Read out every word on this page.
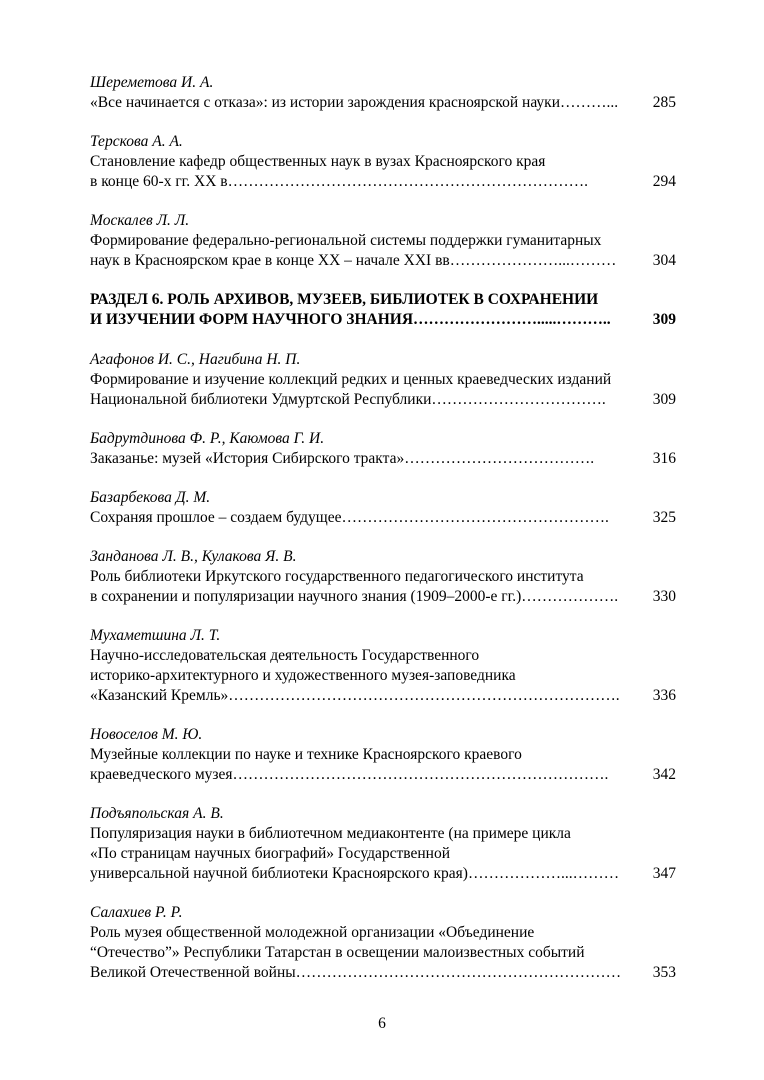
Шереметова И. А.
«Все начинается с отказа»: из истории зарождения красноярской науки………...	285
Терскова А. А.
Становление кафедр общественных наук в вузах Красноярского края
в конце 60-х гг. XX в…………………………………………………………….	294
Москалев Л. Л.
Формирование федерально-региональной системы поддержки гуманитарных
наук в Красноярском крае в конце XX – начале XXI вв…………………...………	304
РАЗДЕЛ 6. РОЛЬ АРХИВОВ, МУЗЕЕВ, БИБЛИОТЕК В СОХРАНЕНИИ
И ИЗУЧЕНИИ ФОРМ НАУЧНОГО ЗНАНИЯ…………………….....………..	309
Агафонов И. С., Нагибина Н. П.
Формирование и изучение коллекций редких и ценных краеведческих изданий
Национальной библиотеки Удмуртской Республики…………………………….	309
Бадрутдинова Ф. Р., Каюмова Г. И.
Заказанье: музей «История Сибирского тракта»……………………………….	316
Базарбекова Д. М.
Сохраняя прошлое – создаем будущее…………………………………………….	325
Занданова Л. В., Кулакова Я. В.
Роль библиотеки Иркутского государственного педагогического института
в сохранении и популяризации научного знания (1909–2000-е гг.)……………….	330
Мухаметшина Л. Т.
Научно-исследовательская деятельность Государственного
историко-архитектурного и художественного музея-заповедника
«Казанский Кремль»………………………………………………………………….	336
Новоселов М. Ю.
Музейные коллекции по науке и технике Красноярского краевого
краеведческого музея……………………………………………………………….	342
Подъяпольская А. В.
Популяризация науки в библиотечном медиаконтенте (на примере цикла
«По страницам научных биографий» Государственной
универсальной научной библиотеки Красноярского края)………………...………	347
Салахиев Р. Р.
Роль музея общественной молодежной организации «Объединение
“Отечество”» Республики Татарстан в освещении малоизвестных событий
Великой Отечественной войны………………………………………………………	353
6
